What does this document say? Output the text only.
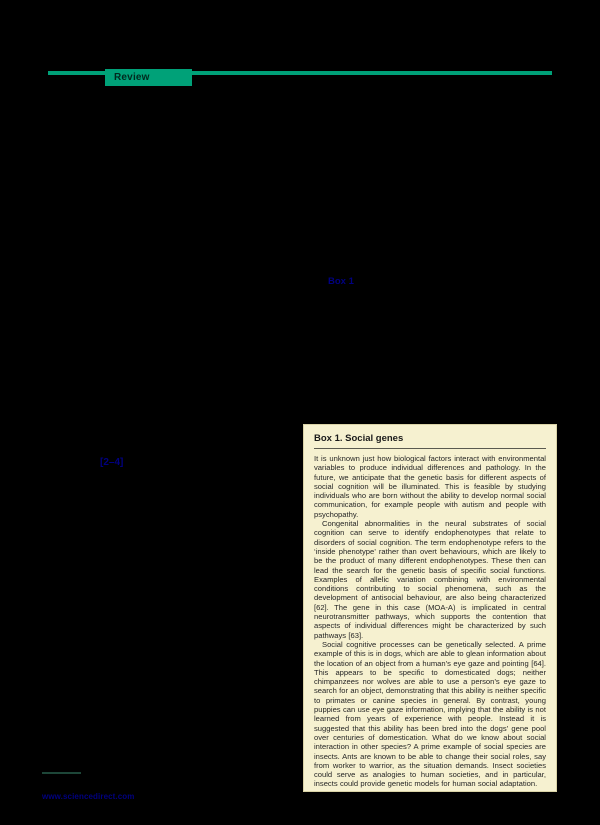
Review
Box 1
[2–4]
www.sciencedirect.com
Box 1. Social genes

It is unknown just how biological factors interact with environmental variables to produce individual differences and pathology. In the future, we anticipate that the genetic basis for different aspects of social cognition will be illuminated. This is feasible by studying individuals who are born without the ability to develop normal social communication, for example people with autism and people with psychopathy.

Congenital abnormalities in the neural substrates of social cognition can serve to identify endophenotypes that relate to disorders of social cognition. The term endophenotype refers to the ‘inside phenotype’ rather than overt behaviours, which are likely to be the product of many different endophenotypes. These then can lead the search for the genetic basis of specific social functions. Examples of allelic variation combining with environmental conditions contributing to social phenomena, such as the development of antisocial behaviour, are also being characterized [62]. The gene in this case (MOA-A) is implicated in central neurotransmitter pathways, which supports the contention that aspects of individual differences might be characterized by such pathways [63].

Social cognitive processes can be genetically selected. A prime example of this is in dogs, which are able to glean information about the location of an object from a human’s eye gaze and pointing [64]. This appears to be specific to domesticated dogs; neither chimpanzees nor wolves are able to use a person’s eye gaze to search for an object, demonstrating that this ability is neither specific to primates or canine species in general. By contrast, young puppies can use eye gaze information, implying that the ability is not learned from years of experience with people. Instead it is suggested that this ability has been bred into the dogs’ gene pool over centuries of domestication. What do we know about social interaction in other species? A prime example of social species are insects. Ants are known to be able to change their social roles, say from worker to warrior, as the situation demands. Insect societies could serve as analogies to human societies, and in particular, insects could provide genetic models for human social adaptation.
